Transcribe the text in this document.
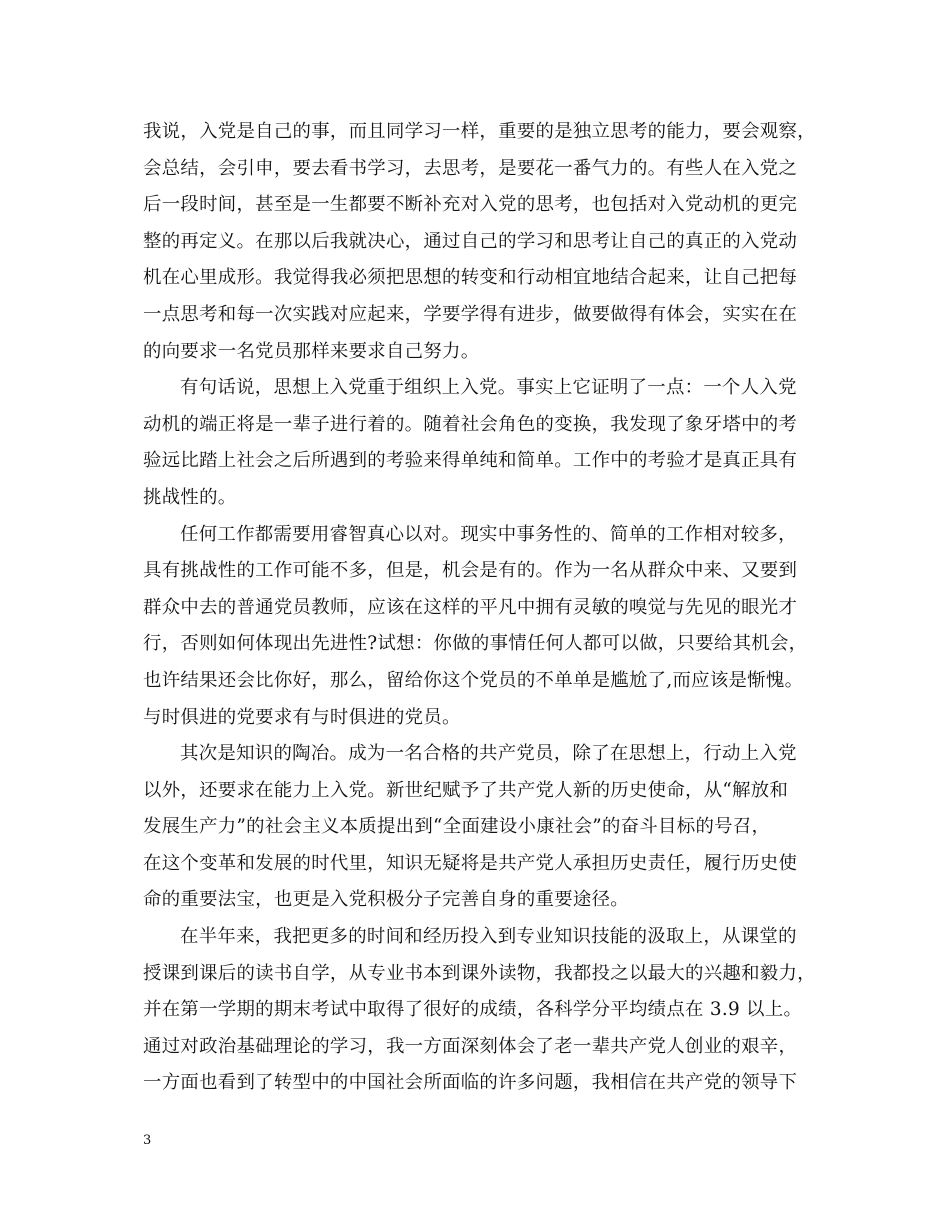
我说，入党是自己的事，而且同学习一样，重要的是独立思考的能力，要会观察，
会总结，会引申，要去看书学习，去思考，是要花一番气力的。有些人在入党之
后一段时间，甚至是一生都要不断补充对入党的思考，也包括对入党动机的更完
整的再定义。在那以后我就决心，通过自己的学习和思考让自己的真正的入党动
机在心里成形。我觉得我必须把思想的转变和行动相宜地结合起来，让自己把每
一点思考和每一次实践对应起来，学要学得有进步，做要做得有体会，实实在在
的向要求一名党员那样来要求自己努力。
有句话说，思想上入党重于组织上入党。事实上它证明了一点：一个人入党
动机的端正将是一辈子进行着的。随着社会角色的变换，我发现了象牙塔中的考
验远比踏上社会之后所遇到的考验来得单纯和简单。工作中的考验才是真正具有
挑战性的。
任何工作都需要用睿智真心以对。现实中事务性的、简单的工作相对较多，
具有挑战性的工作可能不多，但是，机会是有的。作为一名从群众中来、又要到
群众中去的普通党员教师，应该在这样的平凡中拥有灵敏的嗅觉与先见的眼光才
行，否则如何体现出先进性?试想：你做的事情任何人都可以做，只要给其机会，
也许结果还会比你好，那么，留给你这个党员的不单单是尴尬了,而应该是惭愧。
与时俱进的党要求有与时俱进的党员。
其次是知识的陶冶。成为一名合格的共产党员，除了在思想上，行动上入党
以外，还要求在能力上入党。新世纪赋予了共产党人新的历史使命，从“解放和
发展生产力”的社会主义本质提出到“全面建设小康社会”的奋斗目标的号召，
在这个变革和发展的时代里，知识无疑将是共产党人承担历史责任，履行历史使
命的重要法宝，也更是入党积极分子完善自身的重要途径。
在半年来，我把更多的时间和经历投入到专业知识技能的汲取上，从课堂的
授课到课后的读书自学，从专业书本到课外读物，我都投之以最大的兴趣和毅力，
并在第一学期的期末考试中取得了很好的成绩，各科学分平均绩点在 3.9 以上。
通过对政治基础理论的学习，我一方面深刻体会了老一辈共产党人创业的艰辛，
一方面也看到了转型中的中国社会所面临的许多问题，我相信在共产党的领导下
3
